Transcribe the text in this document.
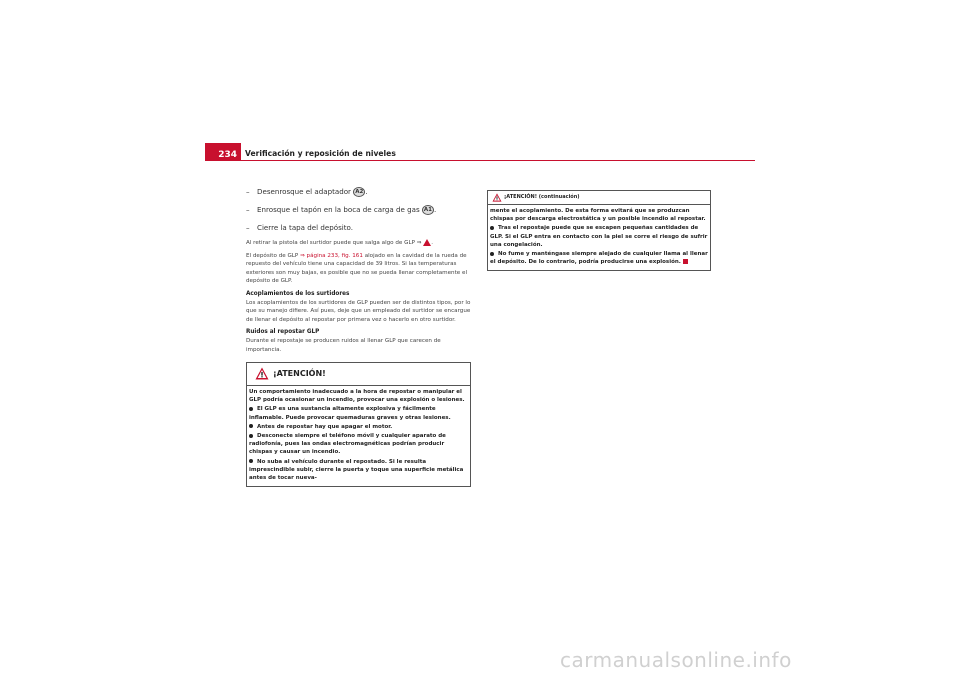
234	Verificación y reposición de niveles
– Desenrosque el adaptador A2 .
– Enrosque el tapón en la boca de carga de gas A1 .
– Cierre la tapa del depósito.

Al retirar la pistola del surtidor puede que salga algo de GLP ⇒ .

El depósito de GLP ⇒ página 233, fig. 161 alojado en la cavidad de la rueda de repuesto del vehículo tiene una capacidad de 39 litros. Si las temperaturas exteriores son muy bajas, es posible que no se pueda llenar completamente el depósito de GLP.

Acoplamientos de los surtidores

Los acoplamientos de los surtidores de GLP pueden ser de distintos tipos, por lo que su manejo difiere. Así pues, deje que un empleado del surtidor se encargue de llenar el depósito al repostar por primera vez o hacerlo en otro surtidor.

Ruidos al repostar GLP

Durante el repostaje se producen ruidos al llenar GLP que carecen de importancia.

¡ATENCIÓN!

Un comportamiento inadecuado a la hora de repostar o manipular el GLP podría ocasionar un incendio, provocar una explosión o lesiones.

El GLP es una sustancia altamente explosiva y fácilmente inflamable. Puede provocar quemaduras graves y otras lesiones.

Antes de repostar hay que apagar el motor.

Desconecte siempre el teléfono móvil y cualquier aparato de radiofonía, pues las ondas electromagnéticas podrían producir chispas y causar un incendio.

No suba al vehículo durante el repostado. Si le resulta imprescindible subir, cierre la puerta y toque una superficie metálica antes de tocar nueva-

¡ATENCIÓN! (continuación)

mente el acoplamiento. De esta forma evitará que se produzcan chispas por descarga electrostática y un posible incendio al repostar.

Tras el repostaje puede que se escapen pequeñas cantidades de GLP. Si el GLP entra en contacto con la piel se corre el riesgo de sufrir una congelación.

No fume y manténgase siempre alejado de cualquier llama al llenar el depósito. De lo contrario, podría producirse una explosión.

carmanualsonline.info
